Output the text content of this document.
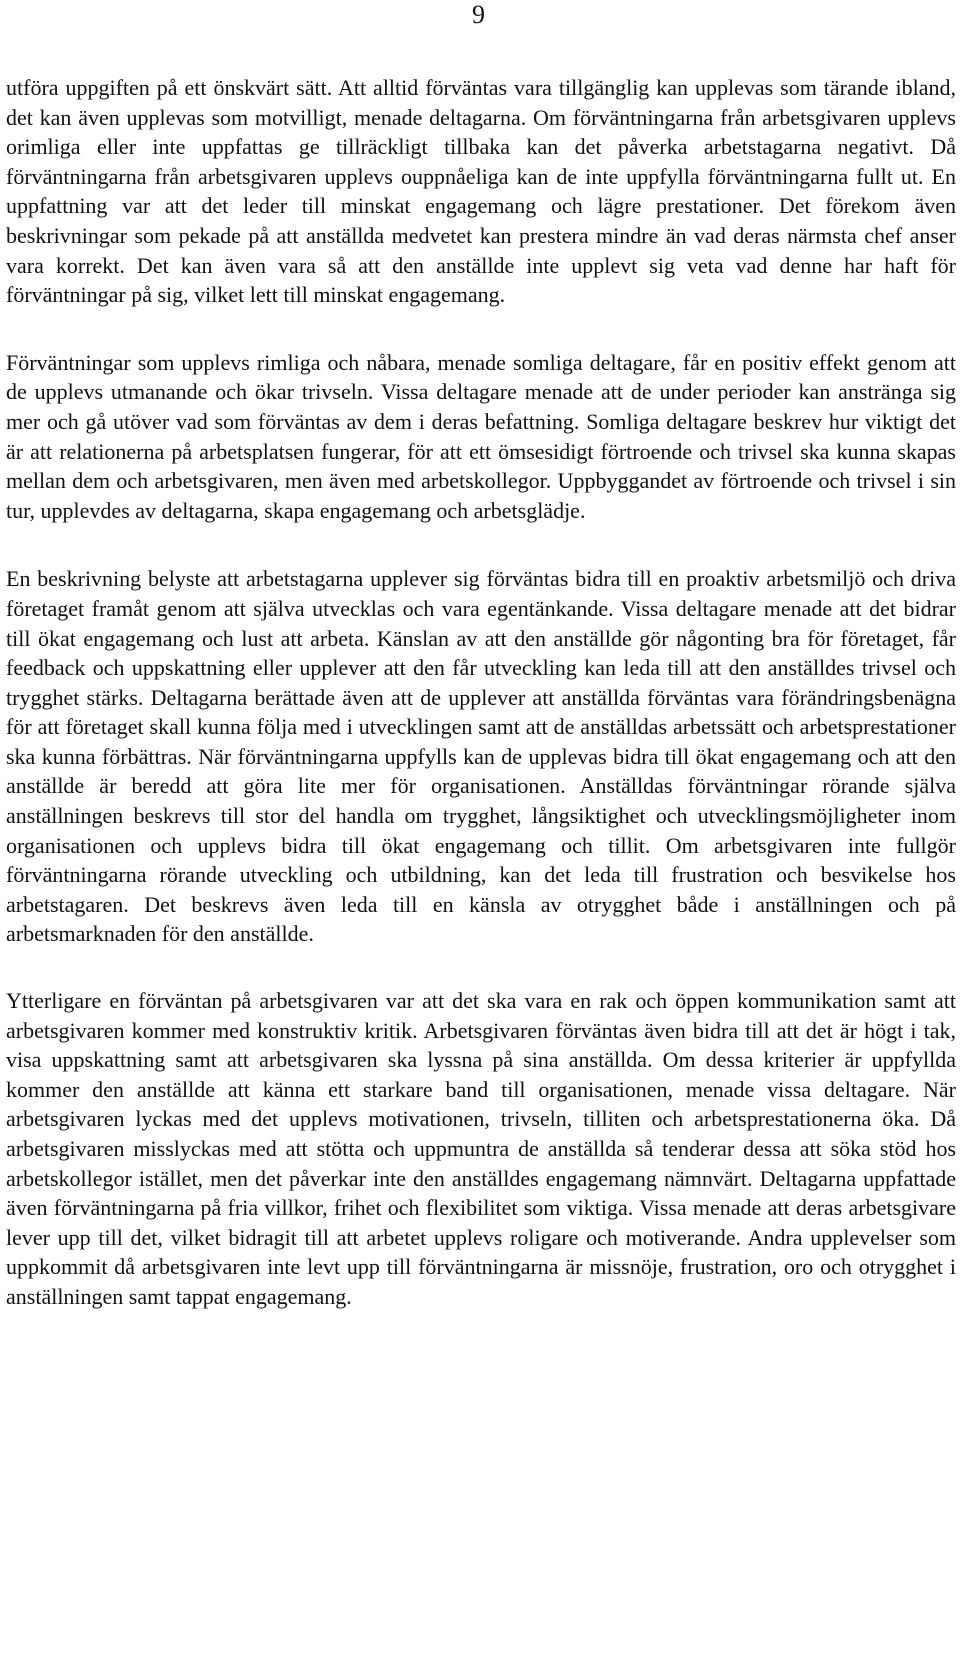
9

utföra uppgiften på ett önskvärt sätt. Att alltid förväntas vara tillgänglig kan upplevas som tärande ibland, det kan även upplevas som motvilligt, menade deltagarna. Om förväntningarna från arbetsgivaren upplevs orimliga eller inte uppfattas ge tillräckligt tillbaka kan det påverka arbetstagarna negativt. Då förväntningarna från arbetsgivaren upplevs ouppnåeliga kan de inte uppfylla förväntningarna fullt ut. En uppfattning var att det leder till minskat engagemang och lägre prestationer. Det förekom även beskrivningar som pekade på att anställda medvetet kan prestera mindre än vad deras närmsta chef anser vara korrekt. Det kan även vara så att den anställde inte upplevt sig veta vad denne har haft för förväntningar på sig, vilket lett till minskat engagemang.

Förväntningar som upplevs rimliga och nåbara, menade somliga deltagare, får en positiv effekt genom att de upplevs utmanande och ökar trivseln. Vissa deltagare menade att de under perioder kan anstränga sig mer och gå utöver vad som förväntas av dem i deras befattning. Somliga deltagare beskrev hur viktigt det är att relationerna på arbetsplatsen fungerar, för att ett ömsesidigt förtroende och trivsel ska kunna skapas mellan dem och arbetsgivaren, men även med arbetskollegor. Uppbyggandet av förtroende och trivsel i sin tur, upplevdes av deltagarna, skapa engagemang och arbetsglädje.

En beskrivning belyste att arbetstagarna upplever sig förväntas bidra till en proaktiv arbetsmiljö och driva företaget framåt genom att själva utvecklas och vara egentänkande. Vissa deltagare menade att det bidrar till ökat engagemang och lust att arbeta. Känslan av att den anställde gör någonting bra för företaget, får feedback och uppskattning eller upplever att den får utveckling kan leda till att den anställdes trivsel och trygghet stärks. Deltagarna berättade även att de upplever att anställda förväntas vara förändringsbenägna för att företaget skall kunna följa med i utvecklingen samt att de anställdas arbetssätt och arbetsprestationer ska kunna förbättras. När förväntningarna uppfylls kan de upplevas bidra till ökat engagemang och att den anställde är beredd att göra lite mer för organisationen. Anställdas förväntningar rörande själva anställningen beskrevs till stor del handla om trygghet, långsiktighet och utvecklingsmöjligheter inom organisationen och upplevs bidra till ökat engagemang och tillit. Om arbetsgivaren inte fullgör förväntningarna rörande utveckling och utbildning, kan det leda till frustration och besvikelse hos arbetstagaren. Det beskrevs även leda till en känsla av otrygghet både i anställningen och på arbetsmarknaden för den anställde.

Ytterligare en förväntan på arbetsgivaren var att det ska vara en rak och öppen kommunikation samt att arbetsgivaren kommer med konstruktiv kritik. Arbetsgivaren förväntas även bidra till att det är högt i tak, visa uppskattning samt att arbetsgivaren ska lyssna på sina anställda. Om dessa kriterier är uppfyllda kommer den anställde att känna ett starkare band till organisationen, menade vissa deltagare. När arbetsgivaren lyckas med det upplevs motivationen, trivseln, tilliten och arbetsprestationerna öka. Då arbetsgivaren misslyckas med att stötta och uppmuntra de anställda så tenderar dessa att söka stöd hos arbetskollegor istället, men det påverkar inte den anställdes engagemang nämnvärt. Deltagarna uppfattade även förväntningarna på fria villkor, frihet och flexibilitet som viktiga. Vissa menade att deras arbetsgivare lever upp till det, vilket bidragit till att arbetet upplevs roligare och motiverande. Andra upplevelser som uppkommit då arbetsgivaren inte levt upp till förväntningarna är missnöje, frustration, oro och otrygghet i anställningen samt tappat engagemang.
